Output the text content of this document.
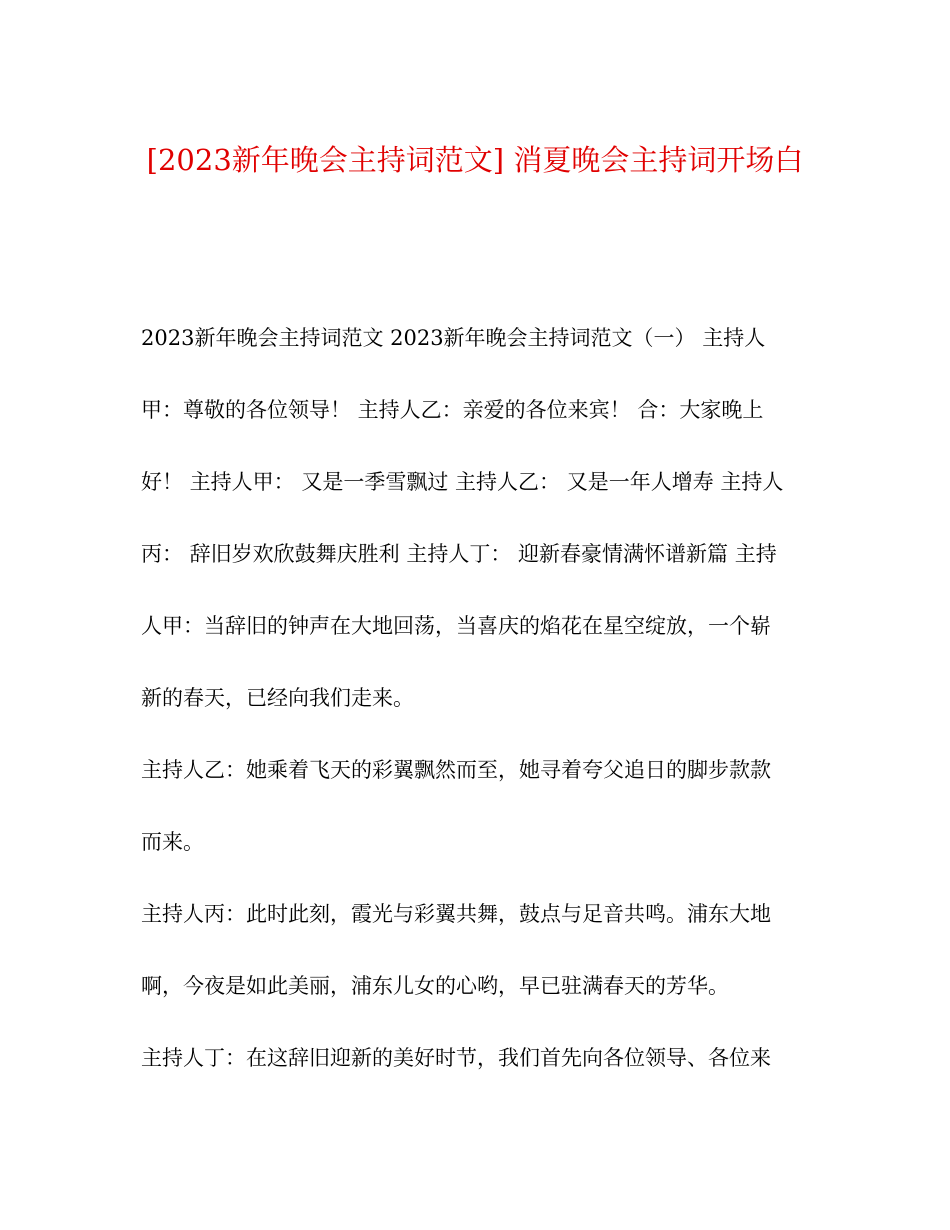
[2023新年晚会主持词范文] 消夏晚会主持词开场白
2023新年晚会主持词范文 2023新年晚会主持词范文（一） 主持人
甲：尊敬的各位领导！ 主持人乙：亲爱的各位来宾！ 合：大家晚上
好！ 主持人甲： 又是一季雪飘过 主持人乙： 又是一年人增寿 主持人
丙： 辞旧岁欢欣鼓舞庆胜利 主持人丁： 迎新春豪情满怀谱新篇 主持
人甲：当辞旧的钟声在大地回荡，当喜庆的焰花在星空绽放，一个崭
新的春天，已经向我们走来。
主持人乙：她乘着飞天的彩翼飘然而至，她寻着夸父追日的脚步款款
而来。
主持人丙：此时此刻，霞光与彩翼共舞，鼓点与足音共鸣。浦东大地
啊，今夜是如此美丽，浦东儿女的心哟，早已驻满春天的芳华。
主持人丁：在这辞旧迎新的美好时节，我们首先向各位领导、各位来
